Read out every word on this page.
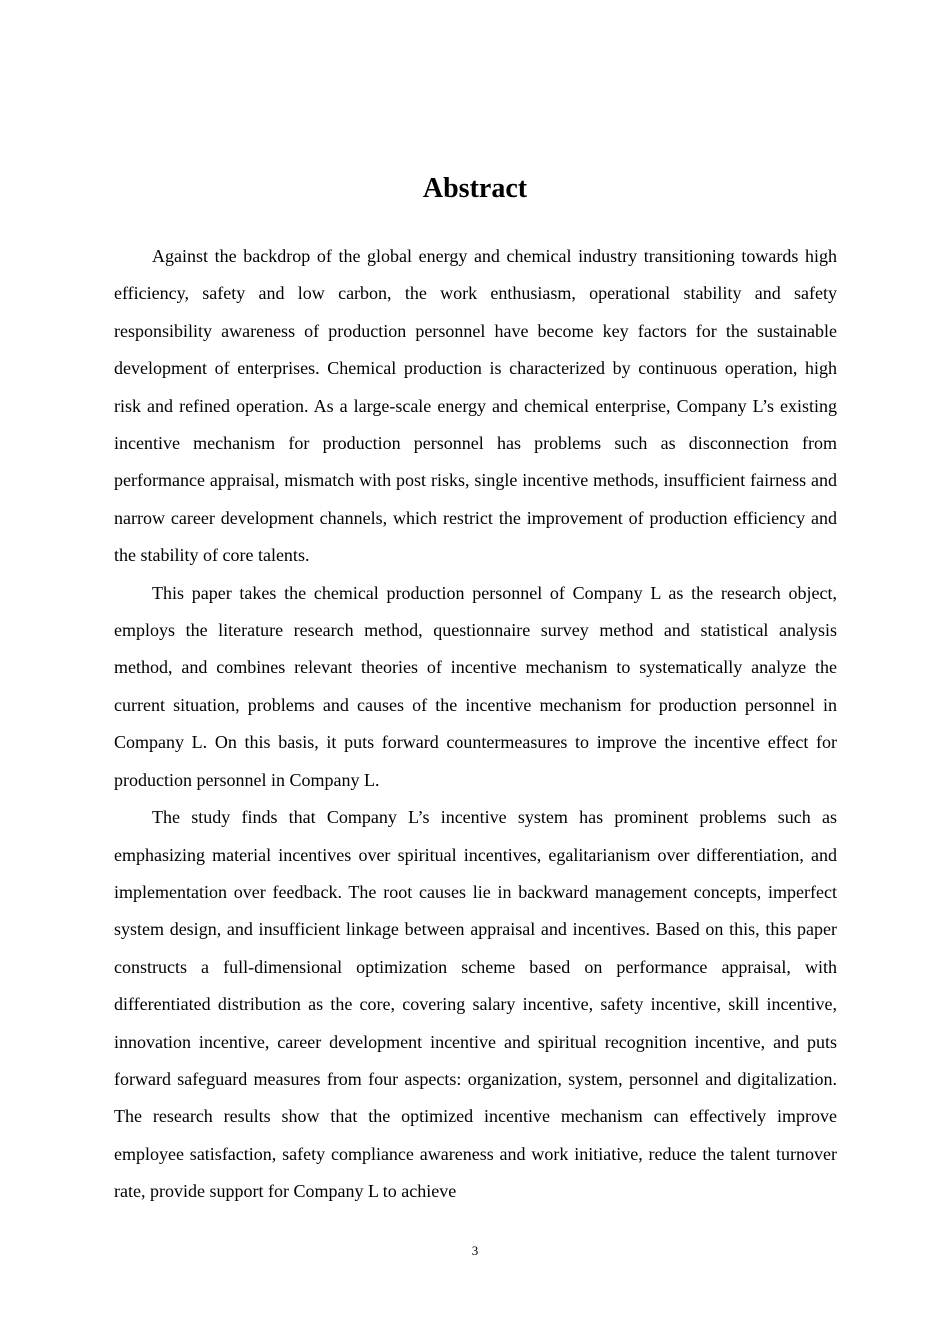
Abstract

Against the backdrop of the global energy and chemical industry transitioning towards high efficiency, safety and low carbon, the work enthusiasm, operational stability and safety responsibility awareness of production personnel have become key factors for the sustainable development of enterprises. Chemical production is characterized by continuous operation, high risk and refined operation. As a large-scale energy and chemical enterprise, Company L’s existing incentive mechanism for production personnel has problems such as disconnection from performance appraisal, mismatch with post risks, single incentive methods, insufficient fairness and narrow career development channels, which restrict the improvement of production efficiency and the stability of core talents.

This paper takes the chemical production personnel of Company L as the research object, employs the literature research method, questionnaire survey method and statistical analysis method, and combines relevant theories of incentive mechanism to systematically analyze the current situation, problems and causes of the incentive mechanism for production personnel in Company L. On this basis, it puts forward countermeasures to improve the incentive effect for production personnel in Company L.

The study finds that Company L’s incentive system has prominent problems such as emphasizing material incentives over spiritual incentives, egalitarianism over differentiation, and implementation over feedback. The root causes lie in backward management concepts, imperfect system design, and insufficient linkage between appraisal and incentives. Based on this, this paper constructs a full-dimensional optimization scheme based on performance appraisal, with differentiated distribution as the core, covering salary incentive, safety incentive, skill incentive, innovation incentive, career development incentive and spiritual recognition incentive, and puts forward safeguard measures from four aspects: organization, system, personnel and digitalization. The research results show that the optimized incentive mechanism can effectively improve employee satisfaction, safety compliance awareness and work initiative, reduce the talent turnover rate, provide support for Company L to achieve

3
